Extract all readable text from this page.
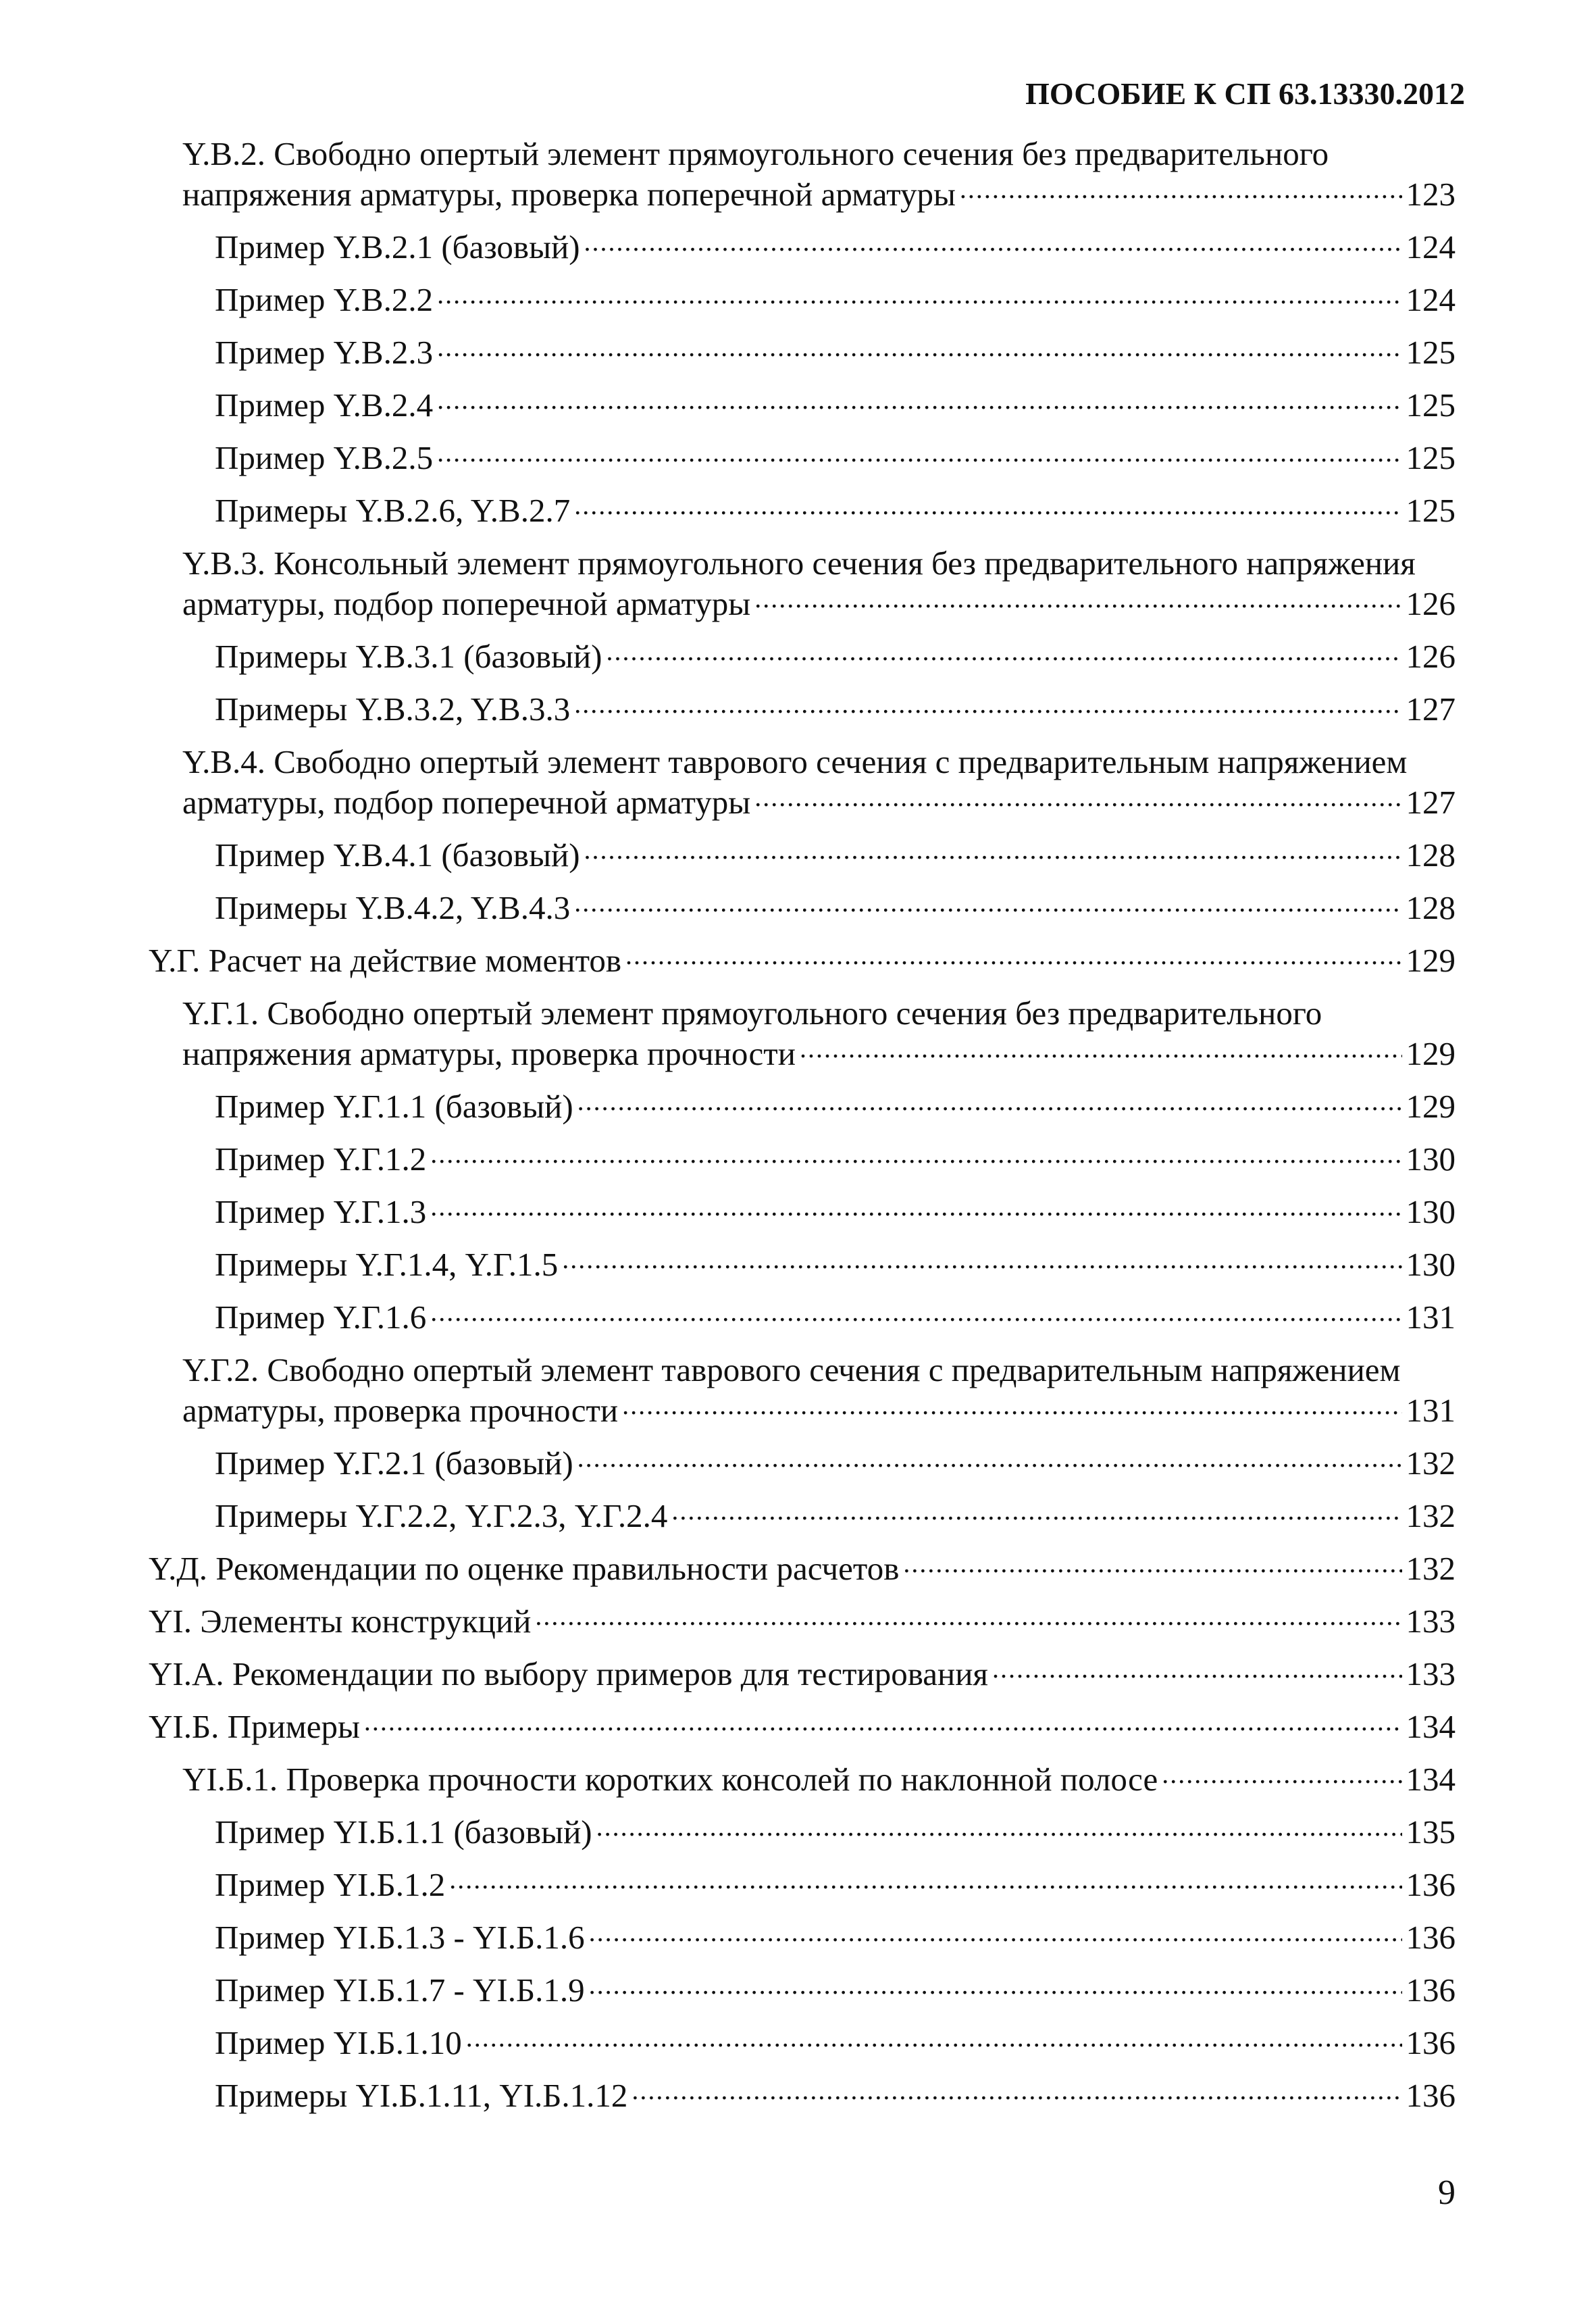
ПОСОБИЕ К СП 63.13330.2012
Y.B.2. Свободно опертый элемент прямоугольного сечения без предварительного
напряжения арматуры, проверка поперечной арматуры .....	123
Пример Y.B.2.1 (базовый) .....	124
Пример Y.B.2.2 .....	124
Пример Y.B.2.3 .....	125
Пример Y.B.2.4 .....	125
Пример Y.B.2.5 .....	125
Примеры Y.B.2.6, Y.B.2.7 .....	125
Y.B.3. Консольный элемент прямоугольного сечения без предварительного напряжения
арматуры, подбор поперечной арматуры .....	126
Примеры Y.B.3.1 (базовый) .....	126
Примеры Y.B.3.2, Y.B.3.3 .....	127
Y.B.4. Свободно опертый элемент таврового сечения с предварительным напряжением
арматуры, подбор поперечной арматуры .....	127
Пример Y.B.4.1 (базовый) .....	128
Примеры Y.B.4.2, Y.B.4.3 .....	128
Y.Г. Расчет на действие моментов .....	129
Y.Г.1. Свободно опертый элемент прямоугольного сечения без предварительного
напряжения арматуры, проверка прочности .....	129
Пример Y.Г.1.1 (базовый) .....	129
Пример Y.Г.1.2 .....	130
Пример Y.Г.1.3 .....	130
Примеры Y.Г.1.4, Y.Г.1.5 .....	130
Пример Y.Г.1.6 .....	131
Y.Г.2. Свободно опертый элемент таврового сечения с предварительным напряжением
арматуры, проверка прочности .....	131
Пример Y.Г.2.1 (базовый) .....	132
Примеры Y.Г.2.2, Y.Г.2.3, Y.Г.2.4 .....	132
Y.Д. Рекомендации по оценке правильности расчетов .....	132
YI. Элементы конструкций .....	133
YI.A. Рекомендации по выбору примеров для тестирования .....	133
YI.Б. Примеры .....	134
YI.Б.1. Проверка прочности коротких консолей по наклонной полосе .....	134
Пример YI.Б.1.1 (базовый) .....	135
Пример YI.Б.1.2 .....	136
Пример YI.Б.1.3 - YI.Б.1.6 .....	136
Пример YI.Б.1.7 - YI.Б.1.9 .....	136
Пример YI.Б.1.10 .....	136
Примеры YI.Б.1.11, YI.Б.1.12 .....	136
9
